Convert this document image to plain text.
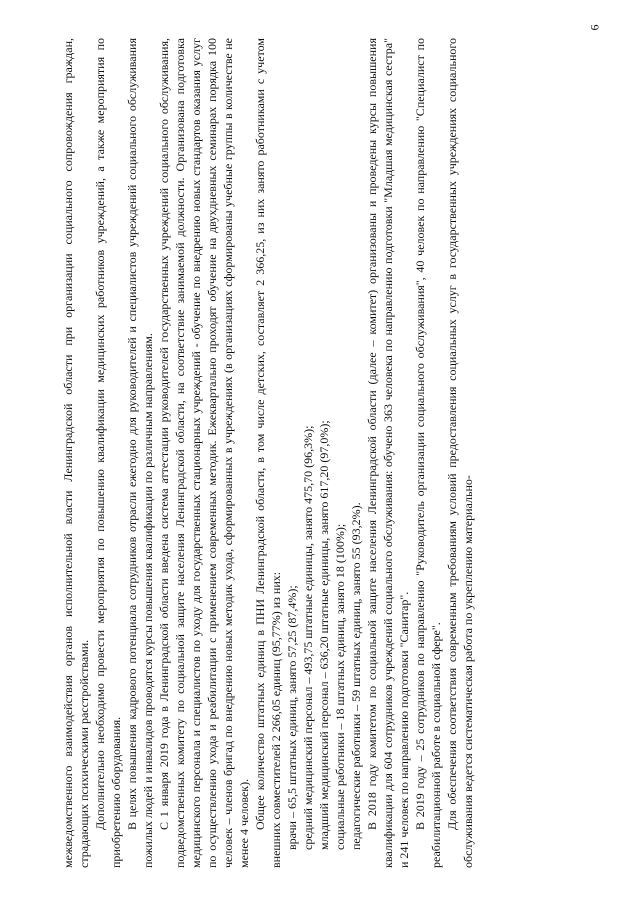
6

межведомственного взаимодействия органов исполнительной власти Ленинградской области при организации социального сопровождения граждан, страдающих психическими расстройствами. Дополнительно необходимо провести мероприятия по повышению квалификации медицинских работников учреждений, а также мероприятия по приобретению оборудования. В целях повышения кадрового потенциала сотрудников отрасли ежегодно для руководителей и специалистов учреждений социального обслуживания пожилых людей и инвалидов проводятся курсы повышения квалификации по различным направлениям. С 1 января 2019 года в Ленинградской области введена система аттестации руководителей государственных учреждений социального обслуживания, подведомственных комитету по социальной защите населения Ленинградской области, на соответствие занимаемой должности. Организована подготовка медицинского персонала и специалистов по уходу для государственных стационарных учреждений - обучение по внедрению новых стандартов оказания услуг по осуществлению ухода и реабилитации с применением современных методик. Ежеквартально проходят обучение на двухдневных семинарах порядка 100 человек – членов бригад по внедрению новых методик ухода, сформированных в учреждениях (в организациях сформированы учебные группы в количестве не менее 4 человек). Общее количество штатных единиц в ПНИ Ленинградской области, в том числе детских, составляет 2 366,25, из них занято работниками с учетом внешних совместителей 2 266,05 единиц (95,77%) из них: врачи – 65,5 штатных единиц, занято 57,25 (87,4%); средний медицинский персонал – 493,75 штатные единицы, занято 475,70 (96,3%); младший медицинский персонал – 636,20 штатные единицы, занято 617,20 (97,0%); социальные работники – 18 штатных единиц, занято 18 (100%); педагогические работники – 59 штатных единиц, занято 55 (93,2%). В 2018 году комитетом по социальной защите населения Ленинградской области (далее – комитет) организованы и проведены курсы повышения квалификации для 604 сотрудников учреждений социального обслуживания: обучено 363 человека по направлению подготовки "Младшая медицинская сестра" и 241 человек по направлению подготовки "Санитар". В 2019 году – 25 сотрудников по направлению "Руководитель организации социального обслуживания", 40 человек по направлению "Специалист по реабилитационной работе в социальной сфере". Для обеспечения соответствия современным требованиям условий предоставления социальных услуг в государственных учреждениях социального обслуживания ведется систематическая работа по укреплению материально-
